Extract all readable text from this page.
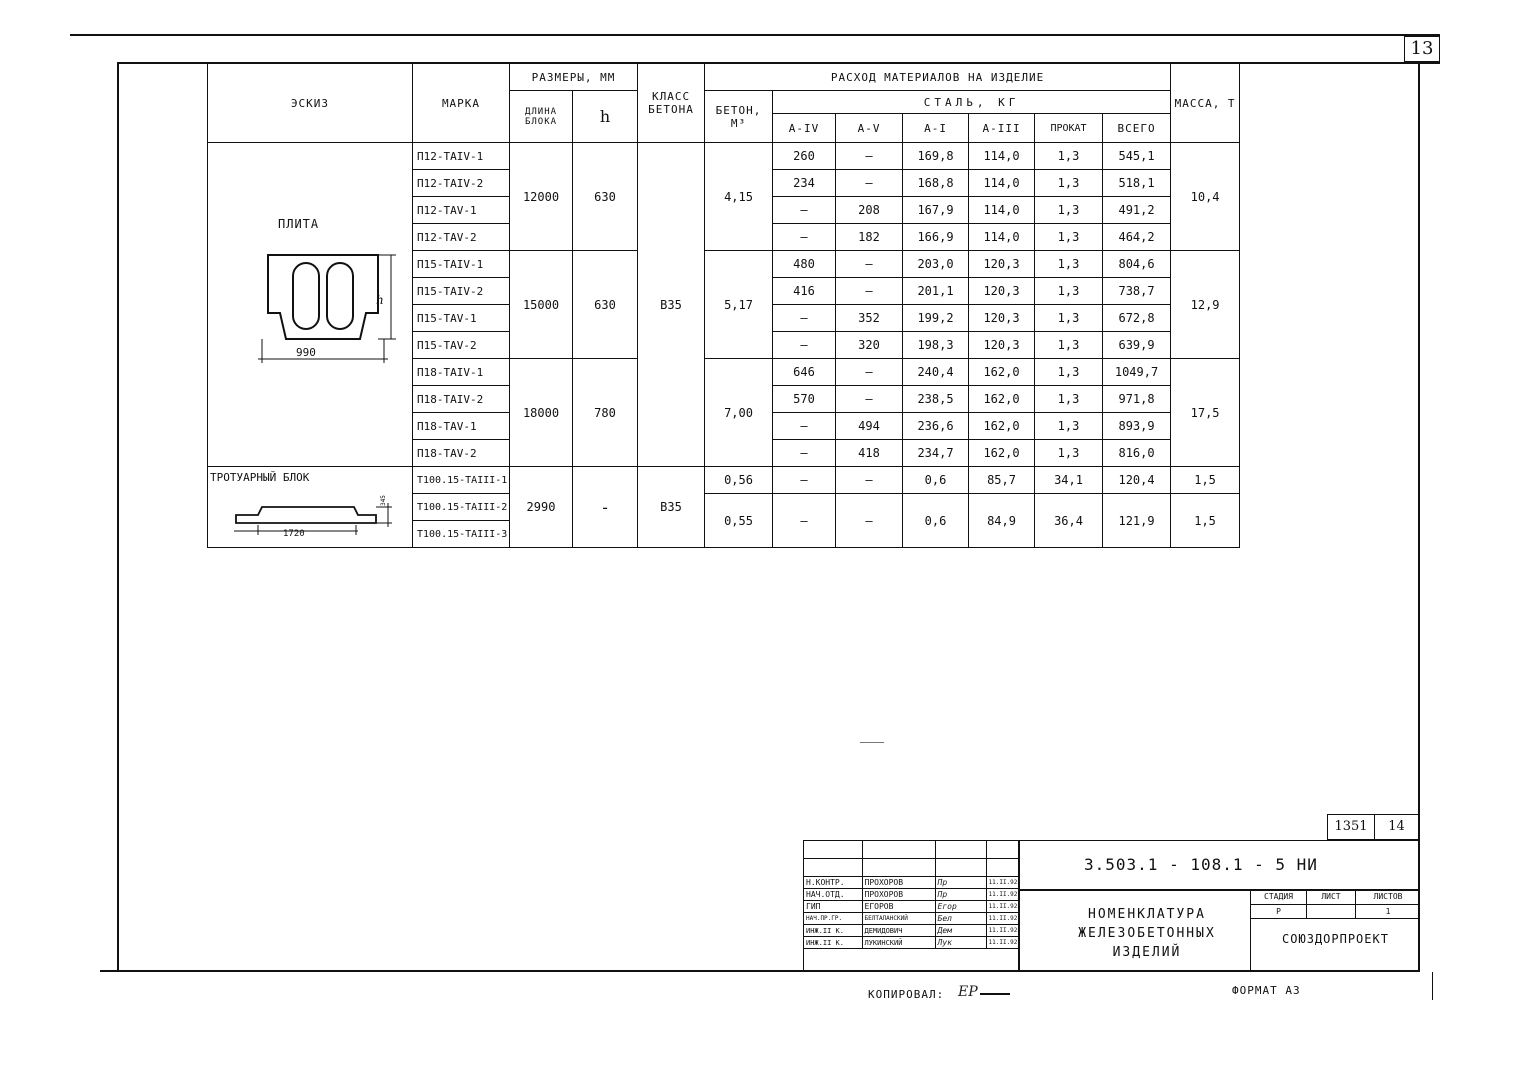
13
ЭСКИЗ	МАРКА	РАЗМЕРЫ, ММ		КЛАСС БЕТОНА	РАСХОД МАТЕРИАЛОВ НА ИЗДЕЛИЕ							МАССА, Т
		ДЛИНА БЛОКА	h		БЕТОН, М³	СТАЛЬ, КГ						
						А-IV	А-V	А-I	А-III	ПРОКАТ	ВСЕГО	

ПЛИТА
h
990	П12-ТАIV-1	12000	630	В35	4,15	260	—	169,8	114,0	1,3	545,1	10,4
	П12-ТАIV-2					234	—	168,8	114,0	1,3	518,1	
	П12-ТАV-1					—	208	167,9	114,0	1,3	491,2	
	П12-ТАV-2					—	182	166,9	114,0	1,3	464,2	
	П15-ТАIV-1	15000	630		5,17	480	—	203,0	120,3	1,3	804,6	12,9
	П15-ТАIV-2					416	—	201,1	120,3	1,3	738,7	
	П15-ТАV-1					—	352	199,2	120,3	1,3	672,8	
	П15-ТАV-2					—	320	198,3	120,3	1,3	639,9	
	П18-ТАIV-1	18000	780		7,00	646	—	240,4	162,0	1,3	1049,7	17,5
	П18-ТАIV-2					570	—	238,5	162,0	1,3	971,8	
	П18-ТАV-1					—	494	236,6	162,0	1,3	893,9	
	П18-ТАV-2					—	418	234,7	162,0	1,3	816,0	

ТРОТУАРНЫЙ БЛОК
345
1720	Т100.15-ТАIII-1	2990	-	В35	0,56	—	—	0,6	85,7	34,1	120,4	1,5
	Т100.15-ТАIII-2				0,55	—	—	0,6	84,9	36,4	121,9	1,5
	Т100.15-ТАIII-3											
1351	14

Н.КОНТР.	ПРОХОРОВ	Пр	11.II.92
НАЧ.ОТД.	ПРОХОРОВ	Пр	11.II.92
ГИП	ЕГОРОВ	Егор	11.II.92
НАЧ.ПР.ГР.	БЕЛТАЛАНСКИЙ	Бел	11.II.92
ИНЖ.II К.	ДЕМИДОВИЧ	Дем	11.II.92
ИНЖ.II К.	ЛУКИНСКИЙ	Лук	11.II.92
3.503.1 - 108.1 - 5 НИ
НОМЕНКЛАТУРА ЖЕЛЕЗОБЕТОННЫХ ИЗДЕЛИЙ
СТАДИЯ	ЛИСТ	ЛИСТОВ
Р	1
СОЮЗДОРПРОЕКТ
КОПИРОВАЛ: ЕР	ФОРМАТ А3
